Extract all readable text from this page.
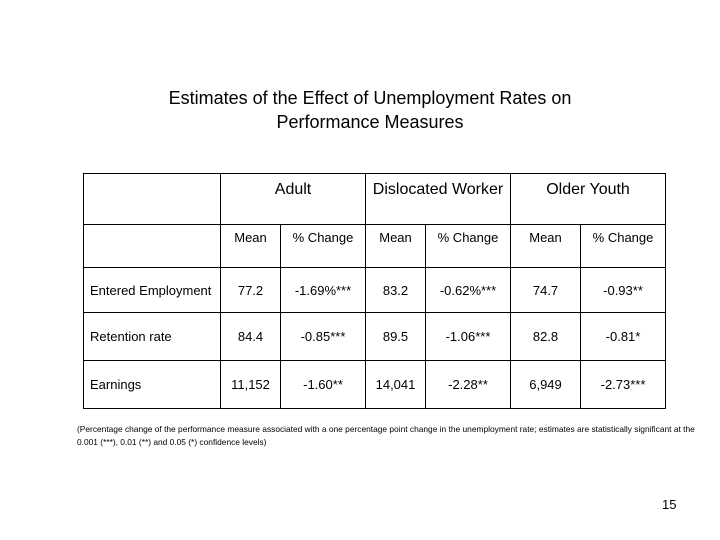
Estimates of the Effect of Unemployment Rates on
Performance Measures
	Adult		Dislocated Worker		Older Youth	
	Mean	% Change	Mean	% Change	Mean	% Change
Entered Employment	77.2	-1.69%***	83.2	-0.62%***	74.7	-0.93**
Retention rate	84.4	-0.85***	89.5	-1.06***	82.8	-0.81*
Earnings	11,152	-1.60**	14,041	-2.28**	6,949	-2.73***
(Percentage change of the performance measure associated with a one percentage point change in the unemployment rate; estimates are statistically significant at the 0.001 (***), 0.01 (**) and 0.05 (*) confidence levels)
15
